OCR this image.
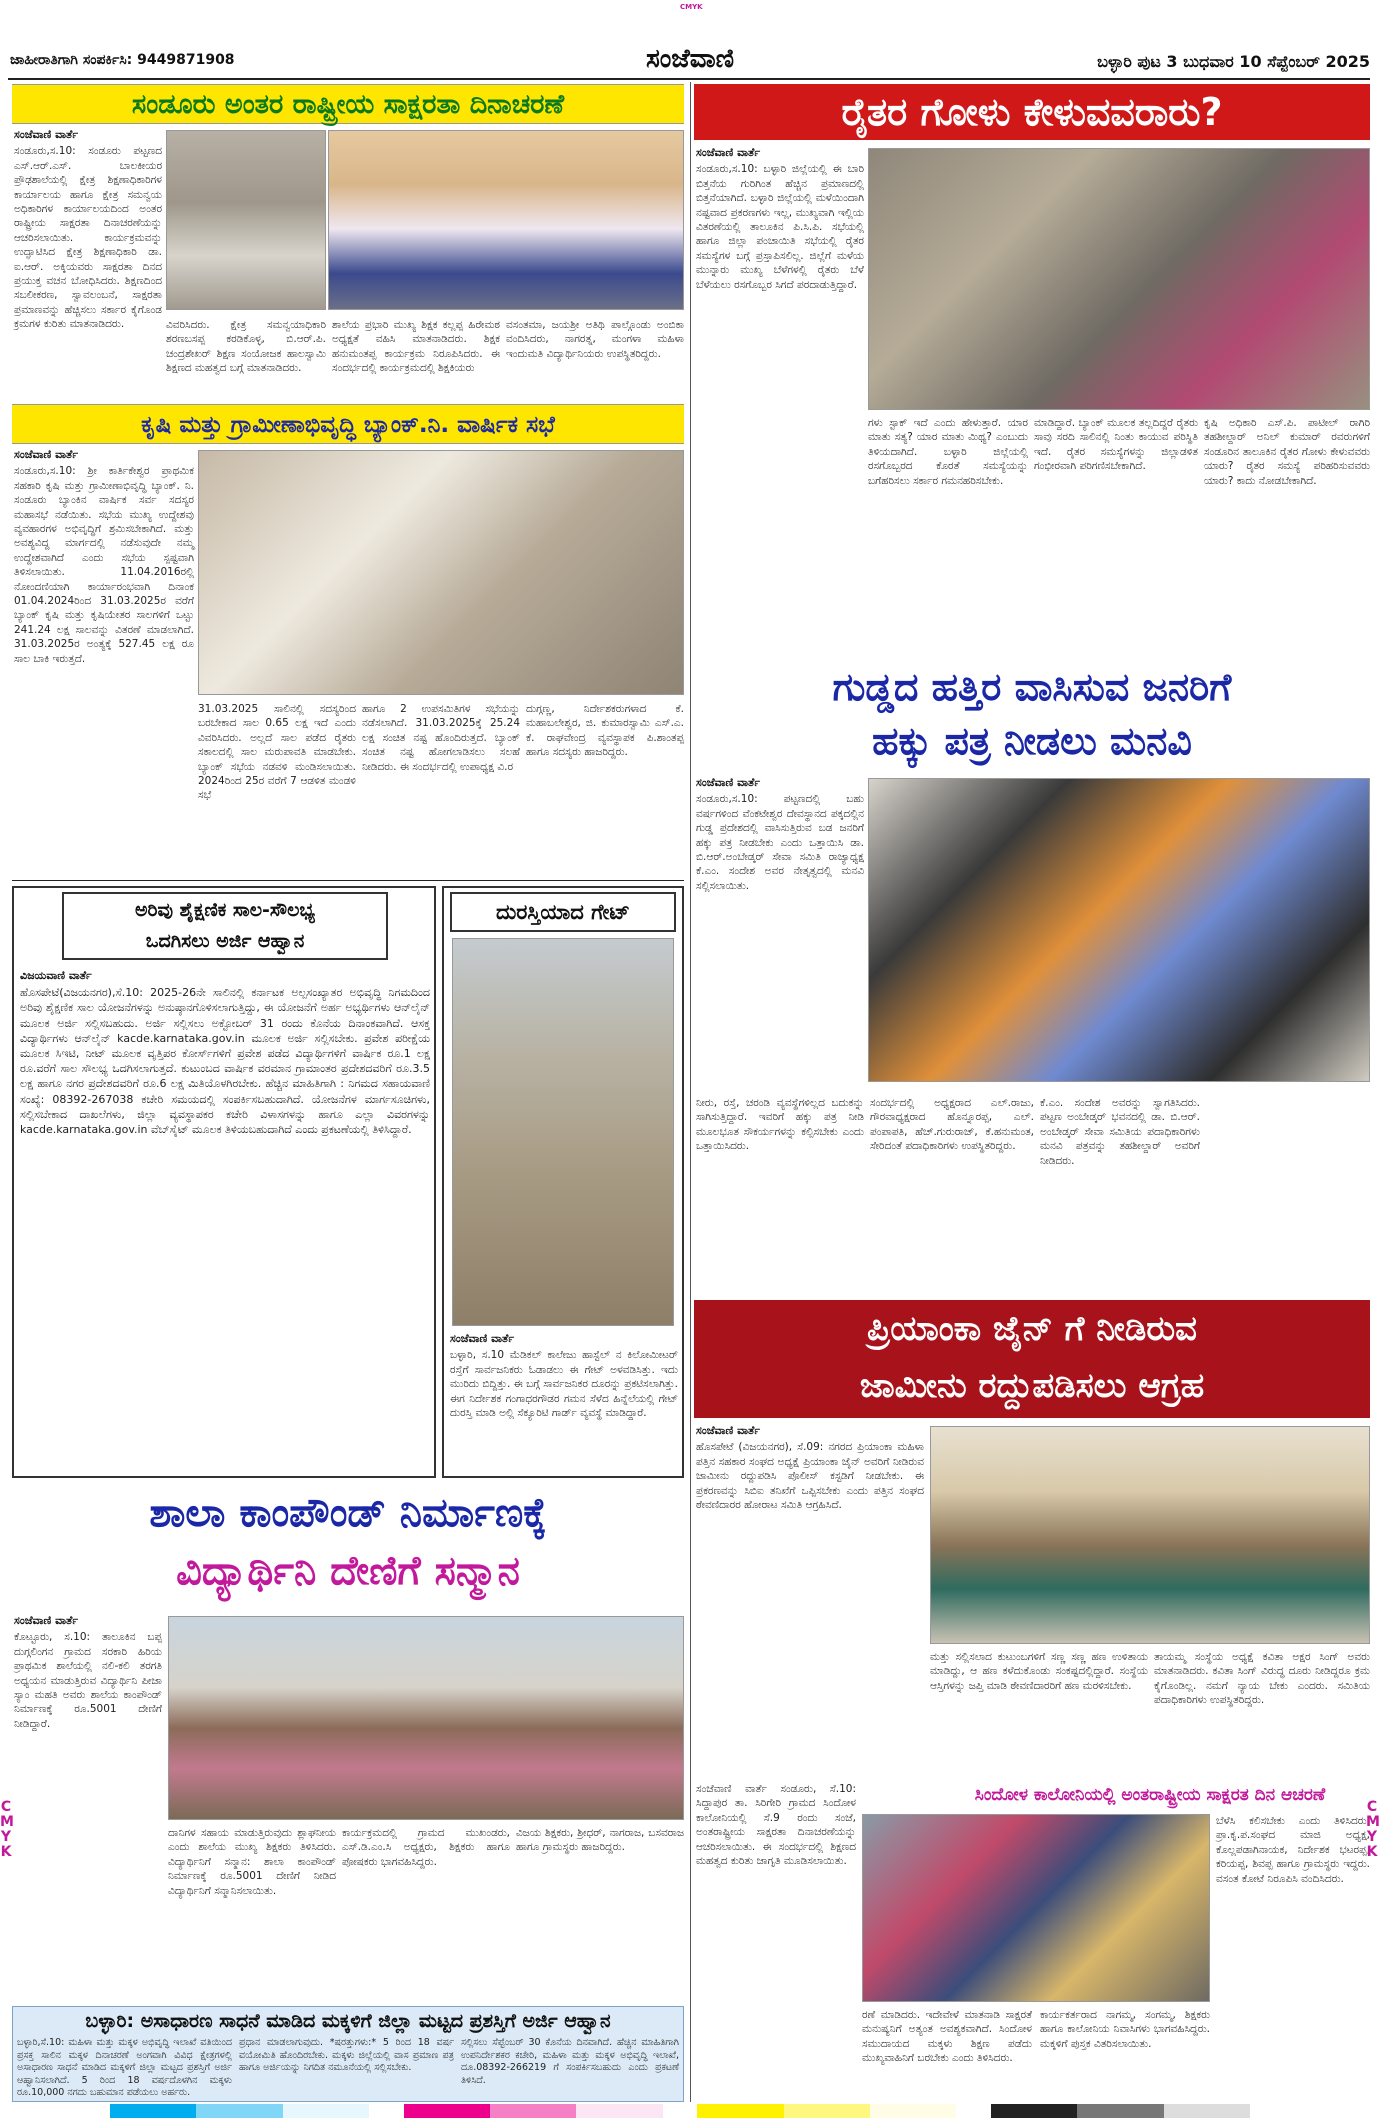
CMYK
ಜಾಹೀರಾತಿಗಾಗಿ ಸಂಪರ್ಕಿಸಿ: 9449871908	ಸಂಜೆವಾಣಿ	ಬಳ್ಳಾರಿ ಪುಟ 3 ಬುಧವಾರ 10 ಸೆಪ್ಟೆಂಬರ್ 2025
ಸಂಡೂರು ಅಂತರ ರಾಷ್ಟ್ರೀಯ ಸಾಕ್ಷರತಾ ದಿನಾಚರಣೆ
ಸಂಜೆವಾಣಿ ವಾರ್ತೆ
ಸಂಡೂರು,ಸ.10: ಸಂಡೂರು ಪಟ್ಟಣದ ಎಸ್.ಆರ್.ಎಸ್. ಬಾಲಕೀಯರ ಪ್ರೌಢಶಾಲೆಯಲ್ಲಿ ಕ್ಷೇತ್ರ ಶಿಕ್ಷಣಾಧಿಕಾರಿಗಳ ಕಾರ್ಯಾಲಯ ಹಾಗೂ ಕ್ಷೇತ್ರ ಸಮನ್ವಯ ಅಧಿಕಾರಿಗಳ ಕಾರ್ಯಾಲಯದಿಂದ ಅಂತರ ರಾಷ್ಟ್ರೀಯ ಸಾಕ್ಷರತಾ ದಿನಾಚರಣೆಯನ್ನು ಆಚರಿಸಲಾಯಿತು. ಕಾರ್ಯಕ್ರಮವನ್ನು ಉದ್ಘಾಟಿಸಿದ ಕ್ಷೇತ್ರ ಶಿಕ್ಷಣಾಧಿಕಾರಿ ಡಾ. ಐ.ಆರ್. ಅಕ್ಕಿಯವರು ಸಾಕ್ಷರತಾ ದಿನದ ಪ್ರಯುಕ್ತ ವಚನ ಬೋಧಿಸಿದರು. ಶಿಕ್ಷಣದಿಂದ ಸಬಲೀಕರಣ, ಸ್ವಾವಲಂಬನೆ, ಸಾಕ್ಷರತಾ ಪ್ರಮಾಣವನ್ನು ಹೆಚ್ಚಿಸಲು ಸರ್ಕಾರ ಕೈಗೊಂಡ ಕ್ರಮಗಳ ಕುರಿತು ಮಾತನಾಡಿದರು.	ವಿವರಿಸಿದರು. ಕ್ಷೇತ್ರ ಸಮನ್ವಯಾಧಿಕಾರಿ ಶರಣಬಸಪ್ಪ ಕರಡಿಕೊಳ್ಳ, ಬಿ.ಆರ್.ಪಿ. ಚಂದ್ರಶೇಖರ್ ಶಿಕ್ಷಣ ಸಂಯೋಜಕ ಹಾಲಸ್ವಾಮಿ ಶಿಕ್ಷಣದ ಮಹತ್ವದ ಬಗ್ಗೆ ಮಾತನಾಡಿದರು.
ಶಾಲೆಯ ಪ್ರಭಾರಿ ಮುಖ್ಯ ಶಿಕ್ಷಕ ಕಲ್ಲಪ್ಪ ಹಿರೇಮಠ ಅಧ್ಯಕ್ಷತೆ ವಹಿಸಿ ಮಾತನಾಡಿದರು. ಶಿಕ್ಷಕ ಹನುಮಂತಪ್ಪ ಕಾರ್ಯಕ್ರಮ ನಿರೂಪಿಸಿದರು. ಈ ಸಂದರ್ಭದಲ್ಲಿ ಕಾರ್ಯಕ್ರಮದಲ್ಲಿ ಶಿಕ್ಷಕಿಯರು
ವಸಂತಮಾ, ಜಯಶ್ರೀ ಅತಿಥಿ ಪಾಲ್ಗೊಂಡು ಅಂಬಿಕಾ ವಂದಿಸಿದರು, ನಾಗರತ್ನ, ಮಂಗಳಾ ಮಹಿಳಾ ಇಂದುಮತಿ ವಿದ್ಯಾರ್ಥಿನಿಯರು ಉಪಸ್ಥಿತರಿದ್ದರು.
ಕೃಷಿ ಮತ್ತು ಗ್ರಾಮೀಣಾಭಿವೃದ್ಧಿ ಬ್ಯಾಂಕ್.ನಿ. ವಾರ್ಷಿಕ ಸಭೆ
ಸಂಜೆವಾಣಿ ವಾರ್ತೆ
ಸಂಡೂರು,ಸ.10: ಶ್ರೀ ಕಾರ್ತಿಕೇಶ್ವರ ಪ್ರಾಥಮಿಕ ಸಹಕಾರಿ ಕೃಷಿ ಮತ್ತು ಗ್ರಾಮೀಣಾಭಿವೃದ್ಧಿ ಬ್ಯಾಂಕ್. ನಿ. ಸಂಡೂರು ಬ್ಯಾಂಕಿನ ವಾರ್ಷಿಕ ಸರ್ವ ಸದಸ್ಯರ ಮಹಾಸಭೆ ನಡೆಯಿತು. ಸಭೆಯ ಮುಖ್ಯ ಉದ್ದೇಶವು ವ್ಯವಹಾರಗಳ ಅಭಿವೃದ್ಧಿಗೆ ಶ್ರಮಿಸಬೇಕಾಗಿದೆ. ಮತ್ತು ಅವಶ್ಯವಿದ್ದ ಮಾರ್ಗದಲ್ಲಿ ನಡೆಸುವುದೇ ನಮ್ಮ ಉದ್ದೇಶವಾಗಿದೆ ಎಂದು ಸಭೆಯ ಸ್ಪಷ್ಟವಾಗಿ ತಿಳಿಸಲಾಯಿತು. 11.04.2016ರಲ್ಲಿ ನೋಂದಣಿಯಾಗಿ ಕಾರ್ಯಾರಂಭವಾಗಿ ದಿನಾಂಕ 01.04.2024ರಿಂದ 31.03.2025ರ ವರೆಗೆ ಬ್ಯಾಂಕ್ ಕೃಷಿ ಮತ್ತು ಕೃಷಿಯೇತರ ಸಾಲಗಳಿಗೆ ಒಟ್ಟು 241.24 ಲಕ್ಷ ಸಾಲವನ್ನು ವಿತರಣೆ ಮಾಡಲಾಗಿದೆ. 31.03.2025ರ ಅಂತ್ಯಕ್ಕೆ 527.45 ಲಕ್ಷ ರೂ ಸಾಲ ಬಾಕಿ ಇರುತ್ತದೆ.
31.03.2025 ಸಾಲಿನಲ್ಲಿ ಸದಸ್ಯರಿಂದ ಬರಬೇಕಾದ ಸಾಲ 0.65 ಲಕ್ಷ ಇದೆ ಎಂದು ವಿವರಿಸಿದರು. ಅಲ್ಲದೆ ಸಾಲ ಪಡೆದ ರೈತರು ಸಕಾಲದಲ್ಲಿ ಸಾಲ ಮರುಪಾವತಿ ಮಾಡಬೇಕು. ಬ್ಯಾಂಕ್ ಸಭೆಯ ನಡವಳಿ ಮಂಡಿಸಲಾಯಿತು. 2024ರಿಂದ 25ರ ವರೆಗೆ 7 ಆಡಳಿತ ಮಂಡಳಿ ಸಭೆ
ಹಾಗೂ 2 ಉಪಸಮಿತಿಗಳ ಸಭೆಯನ್ನು ನಡೆಸಲಾಗಿದೆ. 31.03.2025ಕ್ಕೆ 25.24 ಲಕ್ಷ ಸಂಚಿತ ನಷ್ಟ ಹೊಂದಿರುತ್ತದೆ. ಬ್ಯಾಂಕ್ ಸಂಚಿತ ನಷ್ಟ ಹೋಗಲಾಡಿಸಲು ಸಲಹೆ ನೀಡಿದರು. ಈ ಸಂದರ್ಭದಲ್ಲಿ ಉಪಾಧ್ಯಕ್ಷ ವಿ.ರ
ದುಗ್ಗಣ್ಣ, ನಿರ್ದೇಶಕರುಗಳಾದ ಕೆ. ಮಹಾಬಲೇಶ್ವರ, ಜಿ. ಕುಮಾರಸ್ವಾಮಿ ಎಸ್.ಎ. ಕೆ. ರಾಘವೇಂದ್ರ ವ್ಯವಸ್ಥಾಪಕ ಪಿ.ಶಾಂತಪ್ಪ ಹಾಗೂ ಸದಸ್ಯರು ಹಾಜರಿದ್ದರು.
ಅರಿವು ಶೈಕ್ಷಣಿಕ ಸಾಲ-ಸೌಲಭ್ಯ
ಒದಗಿಸಲು ಅರ್ಜಿ ಆಹ್ವಾನ
ವಿಜಯವಾಣಿ ವಾರ್ತೆ
ಹೊಸಪೇಟೆ(ವಿಜಯನಗರ),ಸೆ.10: 2025-26ನೇ ಸಾಲಿನಲ್ಲಿ ಕರ್ನಾಟಕ ಅಲ್ಪಸಂಖ್ಯಾತರ ಅಭಿವೃದ್ಧಿ ನಿಗಮದಿಂದ ಅರಿವು ಶೈಕ್ಷಣಿಕ ಸಾಲ ಯೋಜನೆಗಳನ್ನು ಅನುಷ್ಠಾನಗೊಳಿಸಲಾಗುತ್ತಿದ್ದು, ಈ ಯೋಜನೆಗೆ ಅರ್ಹ ಅಭ್ಯರ್ಥಿಗಳು ಆನ್‌ಲೈನ್ ಮೂಲಕ ಅರ್ಜಿ ಸಲ್ಲಿಸಬಹುದು. ಅರ್ಜಿ ಸಲ್ಲಿಸಲು ಅಕ್ಟೋಬರ್ 31 ರಂದು ಕೊನೆಯ ದಿನಾಂಕವಾಗಿದೆ. ಆಸಕ್ತ ವಿದ್ಯಾರ್ಥಿಗಳು ಆನ್‌ಲೈನ್ kacde.karnataka.gov.in ಮೂಲಕ ಅರ್ಜಿ ಸಲ್ಲಿಸಬೇಕು. ಪ್ರವೇಶ ಪರೀಕ್ಷೆಯ ಮೂಲಕ ಸಿಇಟಿ, ನೀಟ್ ಮೂಲಕ ವೃತ್ತಿಪರ ಕೋರ್ಸ್‌ಗಳಿಗೆ ಪ್ರವೇಶ ಪಡೆದ ವಿದ್ಯಾರ್ಥಿಗಳಿಗೆ ವಾರ್ಷಿಕ ರೂ.1 ಲಕ್ಷ ರೂ.ವರೆಗೆ ಸಾಲ ಸೌಲಭ್ಯ ಒದಗಿಸಲಾಗುತ್ತದೆ. ಕುಟುಂಬದ ವಾರ್ಷಿಕ ವರಮಾನ ಗ್ರಾಮಾಂತರ ಪ್ರದೇಶದವರಿಗೆ ರೂ.3.5 ಲಕ್ಷ ಹಾಗೂ ನಗರ ಪ್ರದೇಶದವರಿಗೆ ರೂ.6 ಲಕ್ಷ ಮಿತಿಯೊಳಗಿರಬೇಕು. ಹೆಚ್ಚಿನ ಮಾಹಿತಿಗಾಗಿ : ನಿಗಮದ ಸಹಾಯವಾಣಿ ಸಂಖ್ಯೆ: 08392-267038 ಕಚೇರಿ ಸಮಯದಲ್ಲಿ ಸಂಪರ್ಕಿಸಬಹುದಾಗಿದೆ. ಯೋಜನೆಗಳ ಮಾರ್ಗಸೂಚಿಗಳು, ಸಲ್ಲಿಸಬೇಕಾದ ದಾಖಲೆಗಳು, ಜಿಲ್ಲಾ ವ್ಯವಸ್ಥಾಪಕರ ಕಚೇರಿ ವಿಳಾಸಗಳನ್ನು ಹಾಗೂ ಎಲ್ಲಾ ವಿವರಗಳನ್ನು kacde.karnataka.gov.in ವೆಬ್‌ಸೈಟ್ ಮೂಲಕ ತಿಳಿಯಬಹುದಾಗಿದೆ ಎಂದು ಪ್ರಕಟಣೆಯಲ್ಲಿ ತಿಳಿಸಿದ್ದಾರೆ.
ದುರಸ್ತಿಯಾದ ಗೇಟ್
ಸಂಜೆವಾಣಿ ವಾರ್ತೆ
ಬಳ್ಳಾರಿ, ಸ.10 ಮೆಡಿಕಲ್ ಕಾಲೇಜು ಹಾಸ್ಟೆಲ್ ನ ಕಿಲೋಮೀಟರ್ ರಸ್ತೆಗೆ ಸಾರ್ವಜನಿಕರು ಓಡಾಡಲು ಈ ಗೇಟ್ ಅಳವಡಿಸಿತ್ತು. ಇದು ಮುರಿದು ಬಿದ್ದಿತ್ತು. ಈ ಬಗ್ಗೆ ಸಾರ್ವಜನಿಕರ ದೂರನ್ನು ಪ್ರಕಟಿಸಲಾಗಿತ್ತು. ಈಗ ನಿರ್ದೇಶಕ ಗಂಗಾಧರಗೌಡರ ಗಮನ ಸೆಳೆದ ಹಿನ್ನೆಲೆಯಲ್ಲಿ ಗೇಟ್ ದುರಸ್ತಿ ಮಾಡಿ ಅಲ್ಲಿ ಸೆಕ್ಯೂರಿಟಿ ಗಾರ್ಡ್ ವ್ಯವಸ್ಥೆ ಮಾಡಿದ್ದಾರೆ.
ಶಾಲಾ ಕಾಂಪೌಂಡ್ ನಿರ್ಮಾಣಕ್ಕೆ
ವಿದ್ಯಾರ್ಥಿನಿ ದೇಣಿಗೆ ಸನ್ಮಾನ
ಸಂಜೆವಾಣಿ ವಾರ್ತೆ
ಕೊಟ್ಟೂರು, ಸ.10: ತಾಲೂಕಿನ ಬಪ್ಪ ದುಗ್ಗಲಿಂಗನ ಗ್ರಾಮದ ಸರಕಾರಿ ಹಿರಿಯ ಪ್ರಾಥಮಿಕ ಶಾಲೆಯಲ್ಲಿ ನಲಿ-ಕಲಿ ತರಗತಿ ಅಧ್ಯಯನ ಮಾಡುತ್ತಿರುವ ವಿದ್ಯಾರ್ಥಿನಿ ಪೀಜಾ ಸ್ಯಾಂ ಮಹತಿ ಅವರು ಶಾಲೆಯ ಕಾಂಪೌಂಡ್ ನಿರ್ಮಾಣಕ್ಕೆ ರೂ.5001 ದೇಣಿಗೆ ನೀಡಿದ್ದಾರೆ.
ದಾನಿಗಳ ಸಹಾಯ ಮಾಡುತ್ತಿರುವುದು ಶ್ಲಾಘನೀಯ ಎಂದು ಶಾಲೆಯ ಮುಖ್ಯ ಶಿಕ್ಷಕರು ತಿಳಿಸಿದರು. ವಿದ್ಯಾರ್ಥಿನಿಗೆ ಸನ್ಮಾನ: ಶಾಲಾ ಕಾಂಪೌಂಡ್ ನಿರ್ಮಾಣಕ್ಕೆ ರೂ.5001 ದೇಣಿಗೆ ನೀಡಿದ ವಿದ್ಯಾರ್ಥಿನಿಗೆ ಸನ್ಮಾನಿಸಲಾಯಿತು.
ಕಾರ್ಯಕ್ರಮದಲ್ಲಿ ಗ್ರಾಮದ ಮುಖಂಡರು, ಎಸ್.ಡಿ.ಎಂ.ಸಿ ಅಧ್ಯಕ್ಷರು, ಶಿಕ್ಷಕರು ಹಾಗೂ ಪೋಷಕರು ಭಾಗವಹಿಸಿದ್ದರು.
ವಿಜಯ ಶಿಕ್ಷಕರು, ಶ್ರೀಧರ್, ನಾಗರಾಜ, ಬಸವರಾಜ ಹಾಗೂ ಗ್ರಾಮಸ್ಥರು ಹಾಜರಿದ್ದರು.
ಬಳ್ಳಾರಿ: ಅಸಾಧಾರಣ ಸಾಧನೆ ಮಾಡಿದ ಮಕ್ಕಳಿಗೆ ಜಿಲ್ಲಾ ಮಟ್ಟದ ಪ್ರಶಸ್ತಿಗೆ ಅರ್ಜಿ ಆಹ್ವಾನ
ಬಳ್ಳಾರಿ,ಸೆ.10: ಮಹಿಳಾ ಮತ್ತು ಮಕ್ಕಳ ಅಭಿವೃದ್ಧಿ ಇಲಾಖೆ ವತಿಯಿಂದ ಪ್ರಸಕ್ತ ಸಾಲಿನ ಮಕ್ಕಳ ದಿನಾಚರಣೆ ಅಂಗವಾಗಿ ವಿವಿಧ ಕ್ಷೇತ್ರಗಳಲ್ಲಿ ಅಸಾಧಾರಣ ಸಾಧನೆ ಮಾಡಿದ ಮಕ್ಕಳಿಗೆ ಜಿಲ್ಲಾ ಮಟ್ಟದ ಪ್ರಶಸ್ತಿಗೆ ಅರ್ಜಿ ಆಹ್ವಾನಿಸಲಾಗಿದೆ. 5 ರಿಂದ 18 ವರ್ಷದೊಳಗಿನ ಮಕ್ಕಳು ರೂ.10,000 ನಗದು ಬಹುಮಾನ ಪಡೆಯಲು ಅರ್ಹರು.
ಪ್ರಧಾನ ಮಾಡಲಾಗುವುದು. *ಷರತ್ತುಗಳು:* 5 ರಿಂದ 18 ವರ್ಷ ವಯೋಮಿತಿ ಹೊಂದಿರಬೇಕು. ಮಕ್ಕಳು ಜಿಲ್ಲೆಯಲ್ಲಿ ವಾಸ ಪ್ರಮಾಣ ಪತ್ರ ಹಾಗೂ ಅರ್ಜಿಯನ್ನು ನಿಗದಿತ ನಮೂನೆಯಲ್ಲಿ ಸಲ್ಲಿಸಬೇಕು.
ಸಲ್ಲಿಸಲು ಸೆಪ್ಟೆಂಬರ್ 30 ಕೊನೆಯ ದಿನವಾಗಿದೆ. ಹೆಚ್ಚಿನ ಮಾಹಿತಿಗಾಗಿ ಉಪನಿರ್ದೇಶಕರ ಕಚೇರಿ, ಮಹಿಳಾ ಮತ್ತು ಮಕ್ಕಳ ಅಭಿವೃದ್ಧಿ ಇಲಾಖೆ, ದೂ.08392-266219 ಗೆ ಸಂಪರ್ಕಿಸಬಹುದು ಎಂದು ಪ್ರಕಟಣೆ ತಿಳಿಸಿದೆ.
ರೈತರ ಗೋಳು ಕೇಳುವವರಾರು?
ಸಂಜೆವಾಣಿ ವಾರ್ತೆ
ಸಂಡೂರು,ಸ.10: ಬಳ್ಳಾರಿ ಜಿಲ್ಲೆಯಲ್ಲಿ ಈ ಬಾರಿ ಬಿತ್ತನೆಯ ಗುರಿಗಿಂತ ಹೆಚ್ಚಿನ ಪ್ರಮಾಣದಲ್ಲಿ ಬಿತ್ತನೆಯಾಗಿದೆ. ಬಳ್ಳಾರಿ ಜಿಲ್ಲೆಯಲ್ಲಿ ಮಳೆಯಿಂದಾಗಿ ನಷ್ಟವಾದ ಪ್ರಕರಣಗಳು ಇಲ್ಲ, ಮುಖ್ಯವಾಗಿ ಇಲ್ಲಿಯ ವಿತರಣೆಯಲ್ಲಿ ತಾಲೂಕಿನ ಪಿ.ಸಿ.ಪಿ. ಸಭೆಯಲ್ಲಿ ಹಾಗೂ ಜಿಲ್ಲಾ ಪಂಚಾಯಿತಿ ಸಭೆಯಲ್ಲಿ ರೈತರ ಸಮಸ್ಯೆಗಳ ಬಗ್ಗೆ ಪ್ರಸ್ತಾಪಿಸಲಿಲ್ಲ. ಜಿಲ್ಲೆಗೆ ಮಳೆಯ ಮುನ್ನಾರು ಮುಖ್ಯ ಬೆಳೆಗಳಲ್ಲಿ ರೈತರು ಬೆಳೆ ಬೆಳೆಯಲು ರಸಗೊಬ್ಬರ ಸಿಗದೆ ಪರದಾಡುತ್ತಿದ್ದಾರೆ.
ಗಳು ಸ್ಟಾಕ್ ಇದೆ ಎಂದು ಹೇಳುತ್ತಾರೆ. ಯಾರ ಮಾತು ಸತ್ಯ? ಯಾರ ಮಾತು ಮಿಥ್ಯ? ಎಂಬುದು ತಿಳಿಯದಾಗಿದೆ. ಬಳ್ಳಾರಿ ಜಿಲ್ಲೆಯಲ್ಲಿ ರಸಗೊಬ್ಬರದ ಕೊರತೆ ಸಮಸ್ಯೆಯನ್ನು ಬಗೆಹರಿಸಲು ಸರ್ಕಾರ ಗಮನಹರಿಸಬೇಕು.
ಮಾಡಿದ್ದಾರೆ. ಬ್ಯಾಂಕ್ ಮೂಲಕ ತಲ್ಲದಿದ್ದರೆ ರೈತರು ಸಾವು ಸರದಿ ಸಾಲಿನಲ್ಲಿ ನಿಂತು ಕಾಯುವ ಪರಿಸ್ಥಿತಿ ಇದೆ. ರೈತರ ಸಮಸ್ಯೆಗಳನ್ನು ಜಿಲ್ಲಾಡಳಿತ ಗಂಭೀರವಾಗಿ ಪರಿಗಣಿಸಬೇಕಾಗಿದೆ.
ಕೃಷಿ ಅಧಿಕಾರಿ ಎಸ್.ಪಿ. ಪಾಟೀಲ್ ರಾಗಿರಿ ತಹಶೀಲ್ದಾರ್ ಅನಿಲ್ ಕುಮಾರ್ ರವರುಗಳಿಗೆ ಸಂಡೂರಿನ ತಾಲೂಕಿನ ರೈತರ ಗೋಳು ಕೇಳುವವರು ಯಾರು? ರೈತರ ಸಮಸ್ಯೆ ಪರಿಹರಿಸುವವರು ಯಾರು? ಕಾದು ನೋಡಬೇಕಾಗಿದೆ.
ಗುಡ್ಡದ ಹತ್ತಿರ ವಾಸಿಸುವ ಜನರಿಗೆ
ಹಕ್ಕು ಪತ್ರ ನೀಡಲು ಮನವಿ
ಸಂಜೆವಾಣಿ ವಾರ್ತೆ
ಸಂಡೂರು,ಸ.10: ಪಟ್ಟಣದಲ್ಲಿ ಬಹು ವರ್ಷಗಳಿಂದ ವೆಂಕಟೇಶ್ವರ ದೇವಸ್ಥಾನದ ಪಕ್ಕದಲ್ಲಿನ ಗುಡ್ಡ ಪ್ರದೇಶದಲ್ಲಿ ವಾಸಿಸುತ್ತಿರುವ ಬಡ ಜನರಿಗೆ ಹಕ್ಕು ಪತ್ರ ನೀಡಬೇಕು ಎಂದು ಒತ್ತಾಯಿಸಿ ಡಾ. ಬಿ.ಆರ್.ಅಂಬೇಡ್ಕರ್ ಸೇವಾ ಸಮಿತಿ ರಾಜ್ಯಾಧ್ಯಕ್ಷ ಕೆ.ಎಂ. ಸಂದೇಶ ಅವರ ನೇತೃತ್ವದಲ್ಲಿ ಮನವಿ ಸಲ್ಲಿಸಲಾಯಿತು.
ನೀರು, ರಸ್ತೆ, ಚರಂಡಿ ವ್ಯವಸ್ಥೆಗಳಿಲ್ಲದ ಬದುಕನ್ನು ಸಾಗಿಸುತ್ತಿದ್ದಾರೆ. ಇವರಿಗೆ ಹಕ್ಕು ಪತ್ರ ನೀಡಿ ಮೂಲಭೂತ ಸೌಕರ್ಯಗಳನ್ನು ಕಲ್ಪಿಸಬೇಕು ಎಂದು ಒತ್ತಾಯಿಸಿದರು.
ಸಂದರ್ಭದಲ್ಲಿ ಅಧ್ಯಕ್ಷರಾದ ಎಲ್.ರಾಜು, ಗೌರವಾಧ್ಯಕ್ಷರಾದ ಹೊನ್ನೂರಪ್ಪ, ಎಲ್. ಪಂಪಾಪತಿ, ಹೆಚ್.ಗುರುರಾಜ್, ಕೆ.ಹನುಮಂತ, ಸೇರಿದಂತೆ ಪದಾಧಿಕಾರಿಗಳು ಉಪಸ್ಥಿತರಿದ್ದರು.
ಕೆ.ಎಂ. ಸಂದೇಶ ಅವರನ್ನು ಸ್ವಾಗತಿಸಿದರು. ಪಟ್ಟಣ ಅಂಬೇಡ್ಕರ್ ಭವನದಲ್ಲಿ ಡಾ. ಬಿ.ಆರ್. ಅಂಬೇಡ್ಕರ್ ಸೇವಾ ಸಮಿತಿಯ ಪದಾಧಿಕಾರಿಗಳು ಮನವಿ ಪತ್ರವನ್ನು ತಹಶೀಲ್ದಾರ್ ಅವರಿಗೆ ನೀಡಿದರು.
ಪ್ರಿಯಾಂಕಾ ಜೈನ್ ಗೆ ನೀಡಿರುವ
ಜಾಮೀನು ರದ್ದುಪಡಿಸಲು ಆಗ್ರಹ
ಸಂಜೆವಾಣಿ ವಾರ್ತೆ
ಹೊಸಪೇಟೆ (ವಿಜಯನಗರ), ಸೆ.09: ನಗರದ ಪ್ರಿಯಾಂಕಾ ಮಹಿಳಾ ಪತ್ತಿನ ಸಹಕಾರ ಸಂಘದ ಅಧ್ಯಕ್ಷೆ ಪ್ರಿಯಾಂಕಾ ಜೈನ್ ಅವರಿಗೆ ನೀಡಿರುವ ಜಾಮೀನು ರದ್ದುಪಡಿಸಿ ಪೊಲೀಸ್ ಕಸ್ಟಡಿಗೆ ನೀಡಬೇಕು. ಈ ಪ್ರಕರಣವನ್ನು ಸಿಬಿಐ ತನಿಖೆಗೆ ಒಪ್ಪಿಸಬೇಕು ಎಂದು ಪತ್ತಿನ ಸಂಘದ ಠೇವಣಿದಾರರ ಹೋರಾಟ ಸಮಿತಿ ಆಗ್ರಹಿಸಿದೆ.
ಮತ್ತು ಸಲ್ಲಿಸಲಾದ ಕುಟುಂಬಗಳಿಗೆ ಸಣ್ಣ ಸಣ್ಣ ಹಣ ಉಳಿತಾಯ ಮಾಡಿದ್ದು, ಆ ಹಣ ಕಳೆದುಕೊಂಡು ಸಂಕಷ್ಟದಲ್ಲಿದ್ದಾರೆ. ಸಂಸ್ಥೆಯ ಆಸ್ತಿಗಳನ್ನು ಜಪ್ತಿ ಮಾಡಿ ಠೇವಣಿದಾರರಿಗೆ ಹಣ ಮರಳಿಸಬೇಕು.
ತಾಯಮ್ಮ ಸಂಸ್ಥೆಯ ಅಧ್ಯಕ್ಷೆ ಕವಿತಾ ಅಕ್ಷರ ಸಿಂಗ್ ಅವರು ಮಾತನಾಡಿದರು. ಕವಿತಾ ಸಿಂಗ್ ವಿರುದ್ಧ ದೂರು ನೀಡಿದ್ದರೂ ಕ್ರಮ ಕೈಗೊಂಡಿಲ್ಲ. ನಮಗೆ ನ್ಯಾಯ ಬೇಕು ಎಂದರು. ಸಮಿತಿಯ ಪದಾಧಿಕಾರಿಗಳು ಉಪಸ್ಥಿತರಿದ್ದರು.
ಸಿಂದೋಳ ಕಾಲೋನಿಯಲ್ಲಿ ಅಂತರಾಷ್ಟ್ರೀಯ ಸಾಕ್ಷರತ ದಿನ ಆಚರಣೆ
ಸಂಜೆವಾಣಿ ವಾರ್ತೆ ಸಂಡೂರು, ಸೆ.10: ಸಿದ್ದಾಪುರ ತಾ. ಸಿರಿಗೇರಿ ಗ್ರಾಮದ ಸಿಂದೋಳ ಕಾಲೋನಿಯಲ್ಲಿ ಸೆ.9 ರಂದು ಸಂಜೆ, ಅಂತರಾಷ್ಟ್ರೀಯ ಸಾಕ್ಷರತಾ ದಿನಾಚರಣೆಯನ್ನು ಆಚರಿಸಲಾಯಿತು. ಈ ಸಂದರ್ಭದಲ್ಲಿ ಶಿಕ್ಷಣದ ಮಹತ್ವದ ಕುರಿತು ಜಾಗೃತಿ ಮೂಡಿಸಲಾಯಿತು.
ಬೆಳೆಸಿ ಕಲಿಸಬೇಕು ಎಂದು ತಿಳಿಸಿದರು. ಪ್ರಾ.ಕೃ.ಪ.ಸಂಘದ ಮಾಜಿ ಅಧ್ಯಕ್ಷ, ಕೊಲ್ಲಪಡಾಗಿನಾಯಕ, ನಿರ್ದೇಶಕ ಭಟರಪ್ಪ, ಕರಿಯಪ್ಪ, ಶಿವಪ್ಪ ಹಾಗೂ ಗ್ರಾಮಸ್ಥರು ಇದ್ದರು. ವಸಂತ ಕೋಟೆ ನಿರೂಪಿಸಿ ವಂದಿಸಿದರು.
ರಣೆ ಮಾಡಿದರು. ಇದೇವೇಳೆ ಮಾತನಾಡಿ ಸಾಕ್ಷರತೆ ಮನುಷ್ಯನಿಗೆ ಅತ್ಯಂತ ಅವಶ್ಯಕವಾಗಿದೆ. ಸಿಂದೋಳ ಸಮುದಾಯದ ಮಕ್ಕಳು ಶಿಕ್ಷಣ ಪಡೆದು ಮುಖ್ಯವಾಹಿನಿಗೆ ಬರಬೇಕು ಎಂದು ತಿಳಿಸಿದರು.
ಕಾರ್ಯಕರ್ತರಾದ ನಾಗಮ್ಮ, ಸಂಗಮ್ಮ, ಶಿಕ್ಷಕರು ಹಾಗೂ ಕಾಲೋನಿಯ ನಿವಾಸಿಗಳು ಭಾಗವಹಿಸಿದ್ದರು. ಮಕ್ಕಳಿಗೆ ಪುಸ್ತಕ ವಿತರಿಸಲಾಯಿತು.
CMYK
CMYK
